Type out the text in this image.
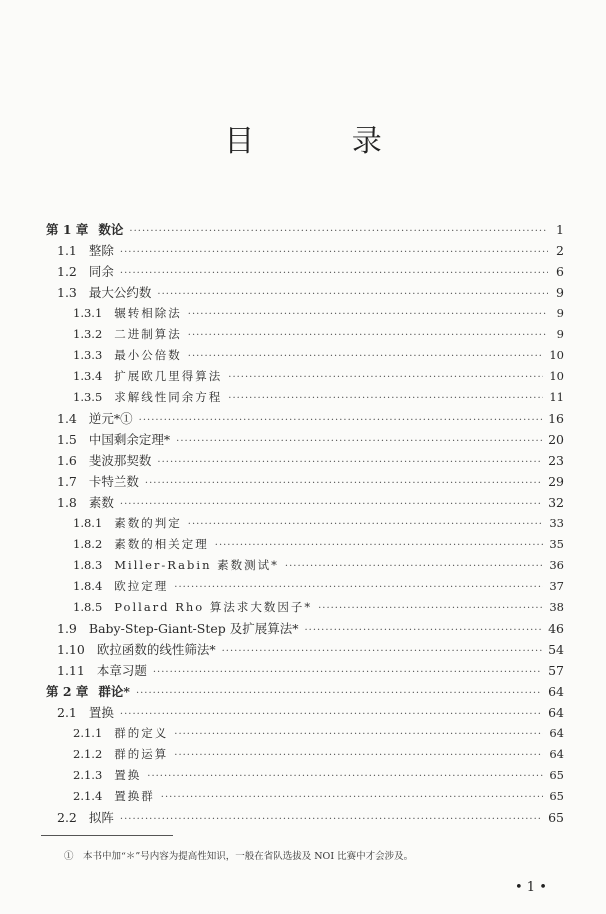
目 录
第 1 章 数论 ·····	1
1.1 整除 ·····	2
1.2 同余 ·····	6
1.3 最大公约数 ·····	9
1.3.1 辗转相除法 ·····	9
1.3.2 二进制算法 ·····	9
1.3.3 最小公倍数 ·····	10
1.3.4 扩展欧几里得算法 ·····	10
1.3.5 求解线性同余方程 ·····	11
1.4 逆元*① ·····	16
1.5 中国剩余定理* ·····	20
1.6 斐波那契数 ·····	23
1.7 卡特兰数 ·····	29
1.8 素数 ·····	32
1.8.1 素数的判定 ·····	33
1.8.2 素数的相关定理 ·····	35
1.8.3 Miller-Rabin 素数测试* ·····	36
1.8.4 欧拉定理 ·····	37
1.8.5 Pollard Rho 算法求大数因子* ·····	38
1.9 Baby-Step-Giant-Step 及扩展算法* ·····	46
1.10 欧拉函数的线性筛法* ·····	54
1.11 本章习题 ·····	57
第 2 章 群论* ·····	64
2.1 置换 ·····	64
2.1.1 群的定义 ·····	64
2.1.2 群的运算 ·····	64
2.1.3 置换 ·····	65
2.1.4 置换群 ·····	65
2.2 拟阵 ·····	65
①　本书中加“＊”号内容为提高性知识，一般在省队选拔及 NOI 比赛中才会涉及。
• 1 •
